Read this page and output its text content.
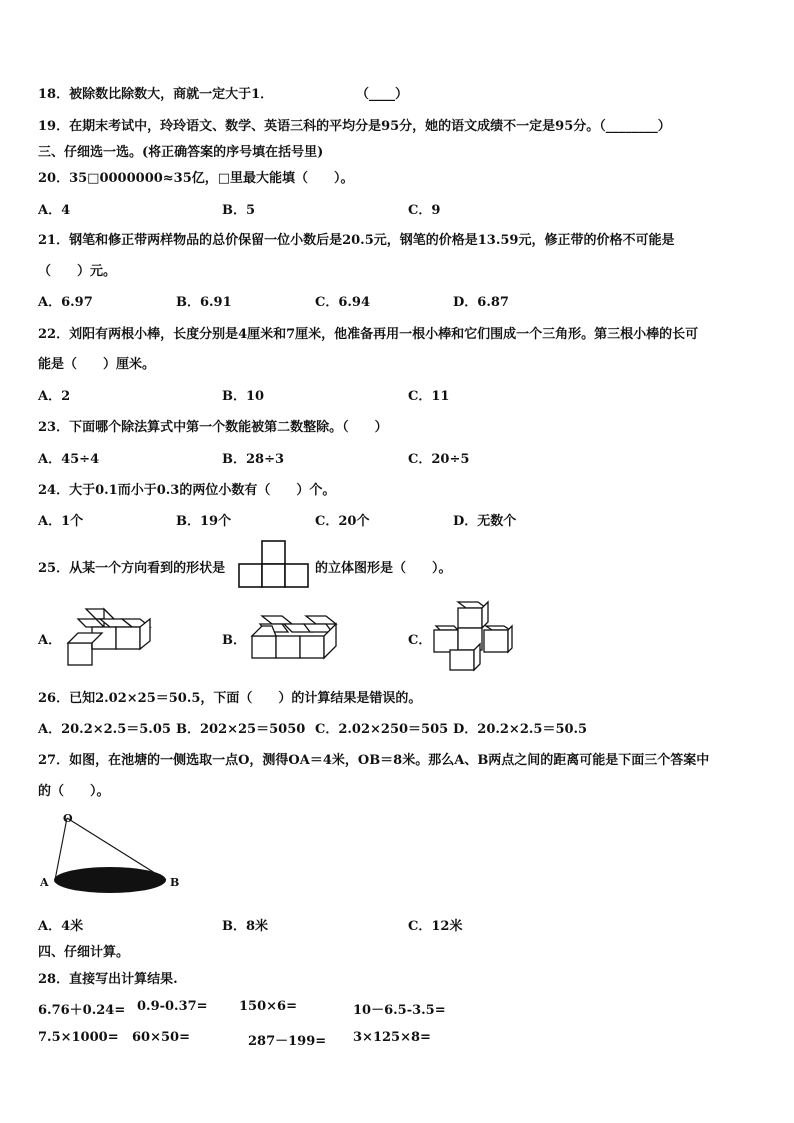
18．被除数比除数大，商就一定大于1．	（____）
19．在期末考试中，玲玲语文、数学、英语三科的平均分是95分，她的语文成绩不一定是95分。（________）
三、仔细选一选。(将正确答案的序号填在括号里)
20．35□0000000≈35亿，□里最大能填（　　）。
A．4	B．5	C．9
21．钢笔和修正带两样物品的总价保留一位小数后是20.5元，钢笔的价格是13.59元，修正带的价格不可能是
（　　）元。
A．6.97	B．6.91	C．6.94	D．6.87
22．刘阳有两根小棒，长度分别是4厘米和7厘米，他准备再用一根小棒和它们围成一个三角形。第三根小棒的长可
能是（　　）厘米。
A．2	B．10	C．11
23．下面哪个除法算式中第一个数能被第二数整除。（　　）
A．45÷4	B．28÷3	C．20÷5
24．大于0.1而小于0.3的两位小数有（　　）个。
A．1个	B．19个	C．20个	D．无数个
25．从某一个方向看到的形状是	的立体图形是（　　）。
A．	B．	C．
26．已知2.02×25＝50.5，下面（　　）的计算结果是错误的。
A．20.2×2.5＝5.05 B．202×25＝5050 C．2.02×250＝505 D．20.2×2.5＝50.5
27．如图，在池塘的一侧选取一点O，测得OA＝4米，OB＝8米。那么A、B两点之间的距离可能是下面三个答案中
的（　　）。
O
A	B
A．4米	B．8米	C．12米
四、仔细计算。
28．直接写出计算结果.
6.76＋0.24= 0.9-0.37= 150×6=	10－6.5-3.5=
7.5×1000= 60×50=	287－199= 3×125×8=
